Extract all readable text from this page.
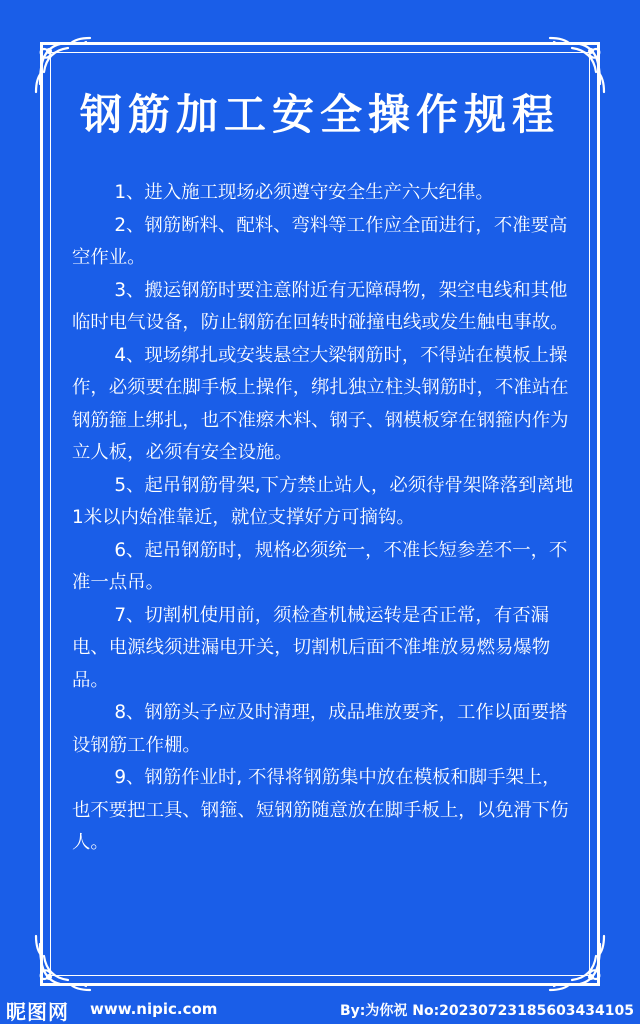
钢筋加工安全操作规程

1、进入施工现场必须遵守安全生产六大纪律。

2、钢筋断料、配料、弯料等工作应全面进行，不准要高空作业。

3、搬运钢筋时要注意附近有无障碍物，架空电线和其他临时电气设备，防止钢筋在回转时碰撞电线或发生触电事故。

4、现场绑扎或安装悬空大梁钢筋时，不得站在模板上操作，必须要在脚手板上操作，绑扎独立柱头钢筋时，不准站在钢筋箍上绑扎，也不准瘵木料、钢子、钢模板穿在钢箍内作为立人板，必须有安全设施。

5、起吊钢筋骨架,下方禁止站人，必须待骨架降落到离地1米以内始准靠近，就位支撑好方可摘钩。

6、起吊钢筋时，规格必须统一，不准长短参差不一，不准一点吊。

7、切割机使用前，须检查机械运转是否正常，有否漏电、电源线须进漏电开关，切割机后面不准堆放易燃易爆物品。

8、钢筋头子应及时清理，成品堆放要齐，工作以面要搭设钢筋工作棚。

9、钢筋作业时, 不得将钢筋集中放在模板和脚手架上，也不要把工具、钢箍、短钢筋随意放在脚手板上，以免滑下伤人。

昵图网 www.nipic.com	By:为你祝 No:20230723185603434105
